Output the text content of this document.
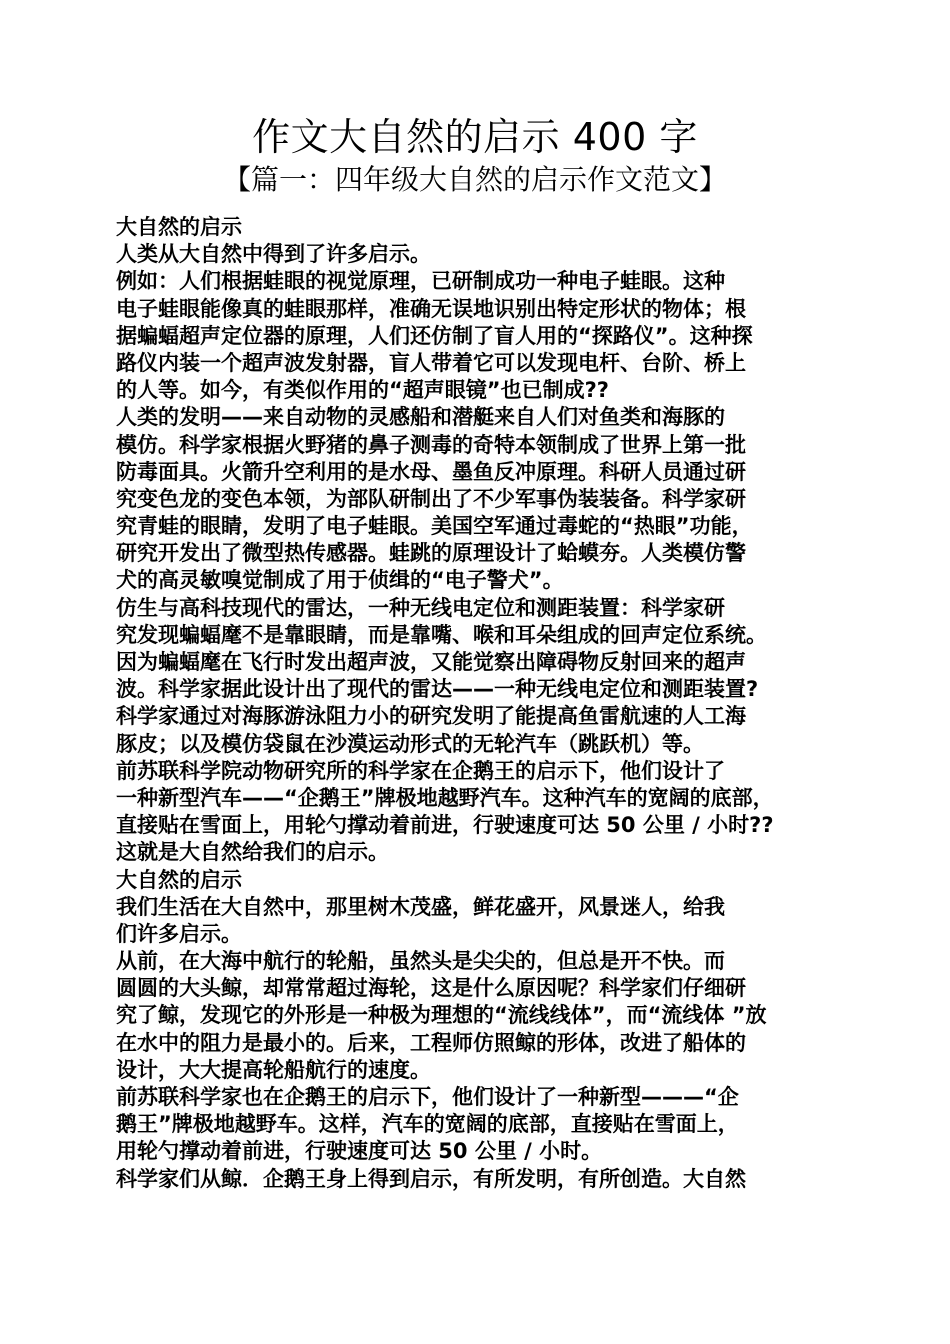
作文大自然的启示 400 字
【篇一：四年级大自然的启示作文范文】
大自然的启示
人类从大自然中得到了许多启示。
例如：人们根据蛙眼的视觉原理，已研制成功一种电子蛙眼。这种
电子蛙眼能像真的蛙眼那样，准确无误地识别出特定形状的物体；根
据蝙蝠超声定位器的原理，人们还仿制了盲人用的“探路仪”。这种探
路仪内装一个超声波发射器，盲人带着它可以发现电杆、台阶、桥上
的人等。如今，有类似作用的“超声眼镜”也已制成??
人类的发明——来自动物的灵感船和潜艇来自人们对鱼类和海豚的
模仿。科学家根据火野猪的鼻子测毒的奇特本领制成了世界上第一批
防毒面具。火箭升空利用的是水母、墨鱼反冲原理。科研人员通过研
究变色龙的变色本领，为部队研制出了不少军事伪装装备。科学家研
究青蛙的眼睛，发明了电子蛙眼。美国空军通过毒蛇的“热眼”功能，
研究开发出了微型热传感器。蛙跳的原理设计了蛤蟆夯。人类模仿警
犬的高灵敏嗅觉制成了用于侦缉的“电子警犬”。
仿生与高科技现代的雷达，一种无线电定位和测距装置：科学家研
究发现蝙蝠麾不是靠眼睛，而是靠嘴、喉和耳朵组成的回声定位系统。
因为蝙蝠麾在飞行时发出超声波，又能觉察出障碍物反射回来的超声
波。科学家据此设计出了现代的雷达——一种无线电定位和测距装置?
科学家通过对海豚游泳阻力小的研究发明了能提高鱼雷航速的人工海
豚皮；以及模仿袋鼠在沙漠运动形式的无轮汽车（跳跃机）等。
前苏联科学院动物研究所的科学家在企鹅王的启示下，他们设计了
一种新型汽车——“企鹅王”牌极地越野汽车。这种汽车的宽阔的底部，
直接贴在雪面上，用轮勺撑动着前进，行驶速度可达 50 公里 / 小时??
这就是大自然给我们的启示。
大自然的启示
我们生活在大自然中，那里树木茂盛，鲜花盛开，风景迷人，给我
们许多启示。
从前，在大海中航行的轮船，虽然头是尖尖的，但总是开不快。而
圆圆的大头鲸，却常常超过海轮，这是什么原因呢？科学家们仔细研
究了鲸，发现它的外形是一种极为理想的“流线线体”，而“流线体 ”放
在水中的阻力是最小的。后来，工程师仿照鲸的形体，改进了船体的
设计，大大提高轮船航行的速度。
前苏联科学家也在企鹅王的启示下，他们设计了一种新型———“企
鹅王”牌极地越野车。这样，汽车的宽阔的底部，直接贴在雪面上，
用轮勺撑动着前进，行驶速度可达 50 公里 / 小时。
科学家们从鲸．企鹅王身上得到启示，有所发明，有所创造。大自然
